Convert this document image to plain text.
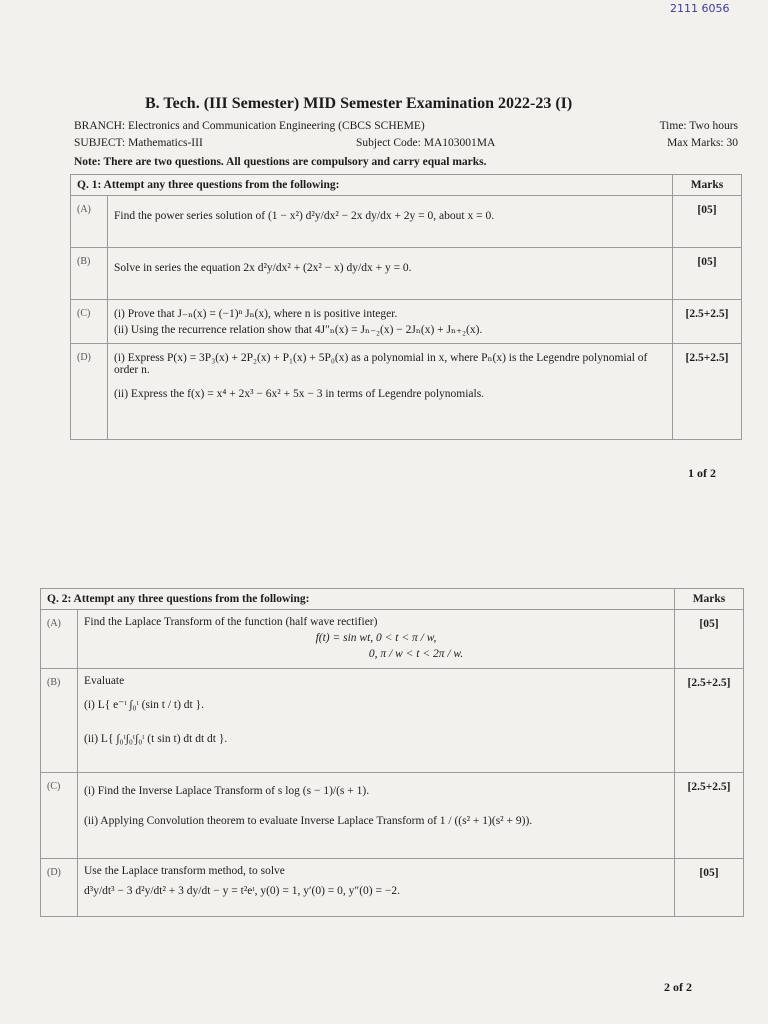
2111 6056
B. Tech. (III Semester) MID Semester Examination 2022-23 (I)
BRANCH: Electronics and Communication Engineering (CBCS SCHEME)	Time: Two hours
SUBJECT: Mathematics-III	Subject Code: MA103001MA	Max Marks: 30
Note: There are two questions. All questions are compulsory and carry equal marks.
Q. 1: Attempt any three questions from the following:		Marks
(A)	Find the power series solution of (1 − x²) d²y/dx² − 2x dy/dx + 2y = 0, about x = 0.	[05]
(B)	Solve in series the equation 2x d²y/dx² + (2x² − x) dy/dx + y = 0.	[05]
(C)	(i) Prove that J₋ₙ(x) = (−1)ⁿ Jₙ(x), where n is positive integer.
(ii) Using the recurrence relation show that 4J″ₙ(x) = Jₙ₋₂(x) − 2Jₙ(x) + Jₙ₊₂(x).	[2.5+2.5]
(D)	(i) Express P(x) = 3P₃(x) + 2P₂(x) + P₁(x) + 5P₀(x) as a polynomial in x, where Pₙ(x) is the Legendre polynomial of order n.
(ii) Express the f(x) = x⁴ + 2x³ − 6x² + 5x − 3 in terms of Legendre polynomials.	[2.5+2.5]
1 of 2
Q. 2: Attempt any three questions from the following:		Marks
(A)	Find the Laplace Transform of the function (half wave rectifier)
f(t) = sin wt, 0 < t < π / w,
0, π / w < t < 2π / w.	[05]
(B)	Evaluate
(i) L{ e⁻ᵗ ∫₀ᵗ (sin t / t) dt }.
(ii) L{ ∫₀ᵗ∫₀ᵗ∫₀ᵗ (t sin t) dt dt dt }.	[2.5+2.5]
(C)	(i) Find the Inverse Laplace Transform of s log (s − 1)/(s + 1).
(ii) Applying Convolution theorem to evaluate Inverse Laplace Transform of 1 / ((s² + 1)(s² + 9)).	[2.5+2.5]
(D)	Use the Laplace transform method, to solve
d³y/dt³ − 3 d²y/dt² + 3 dy/dt − y = t²eᵗ, y(0) = 1, y′(0) = 0, y″(0) = −2.	[05]
2 of 2
